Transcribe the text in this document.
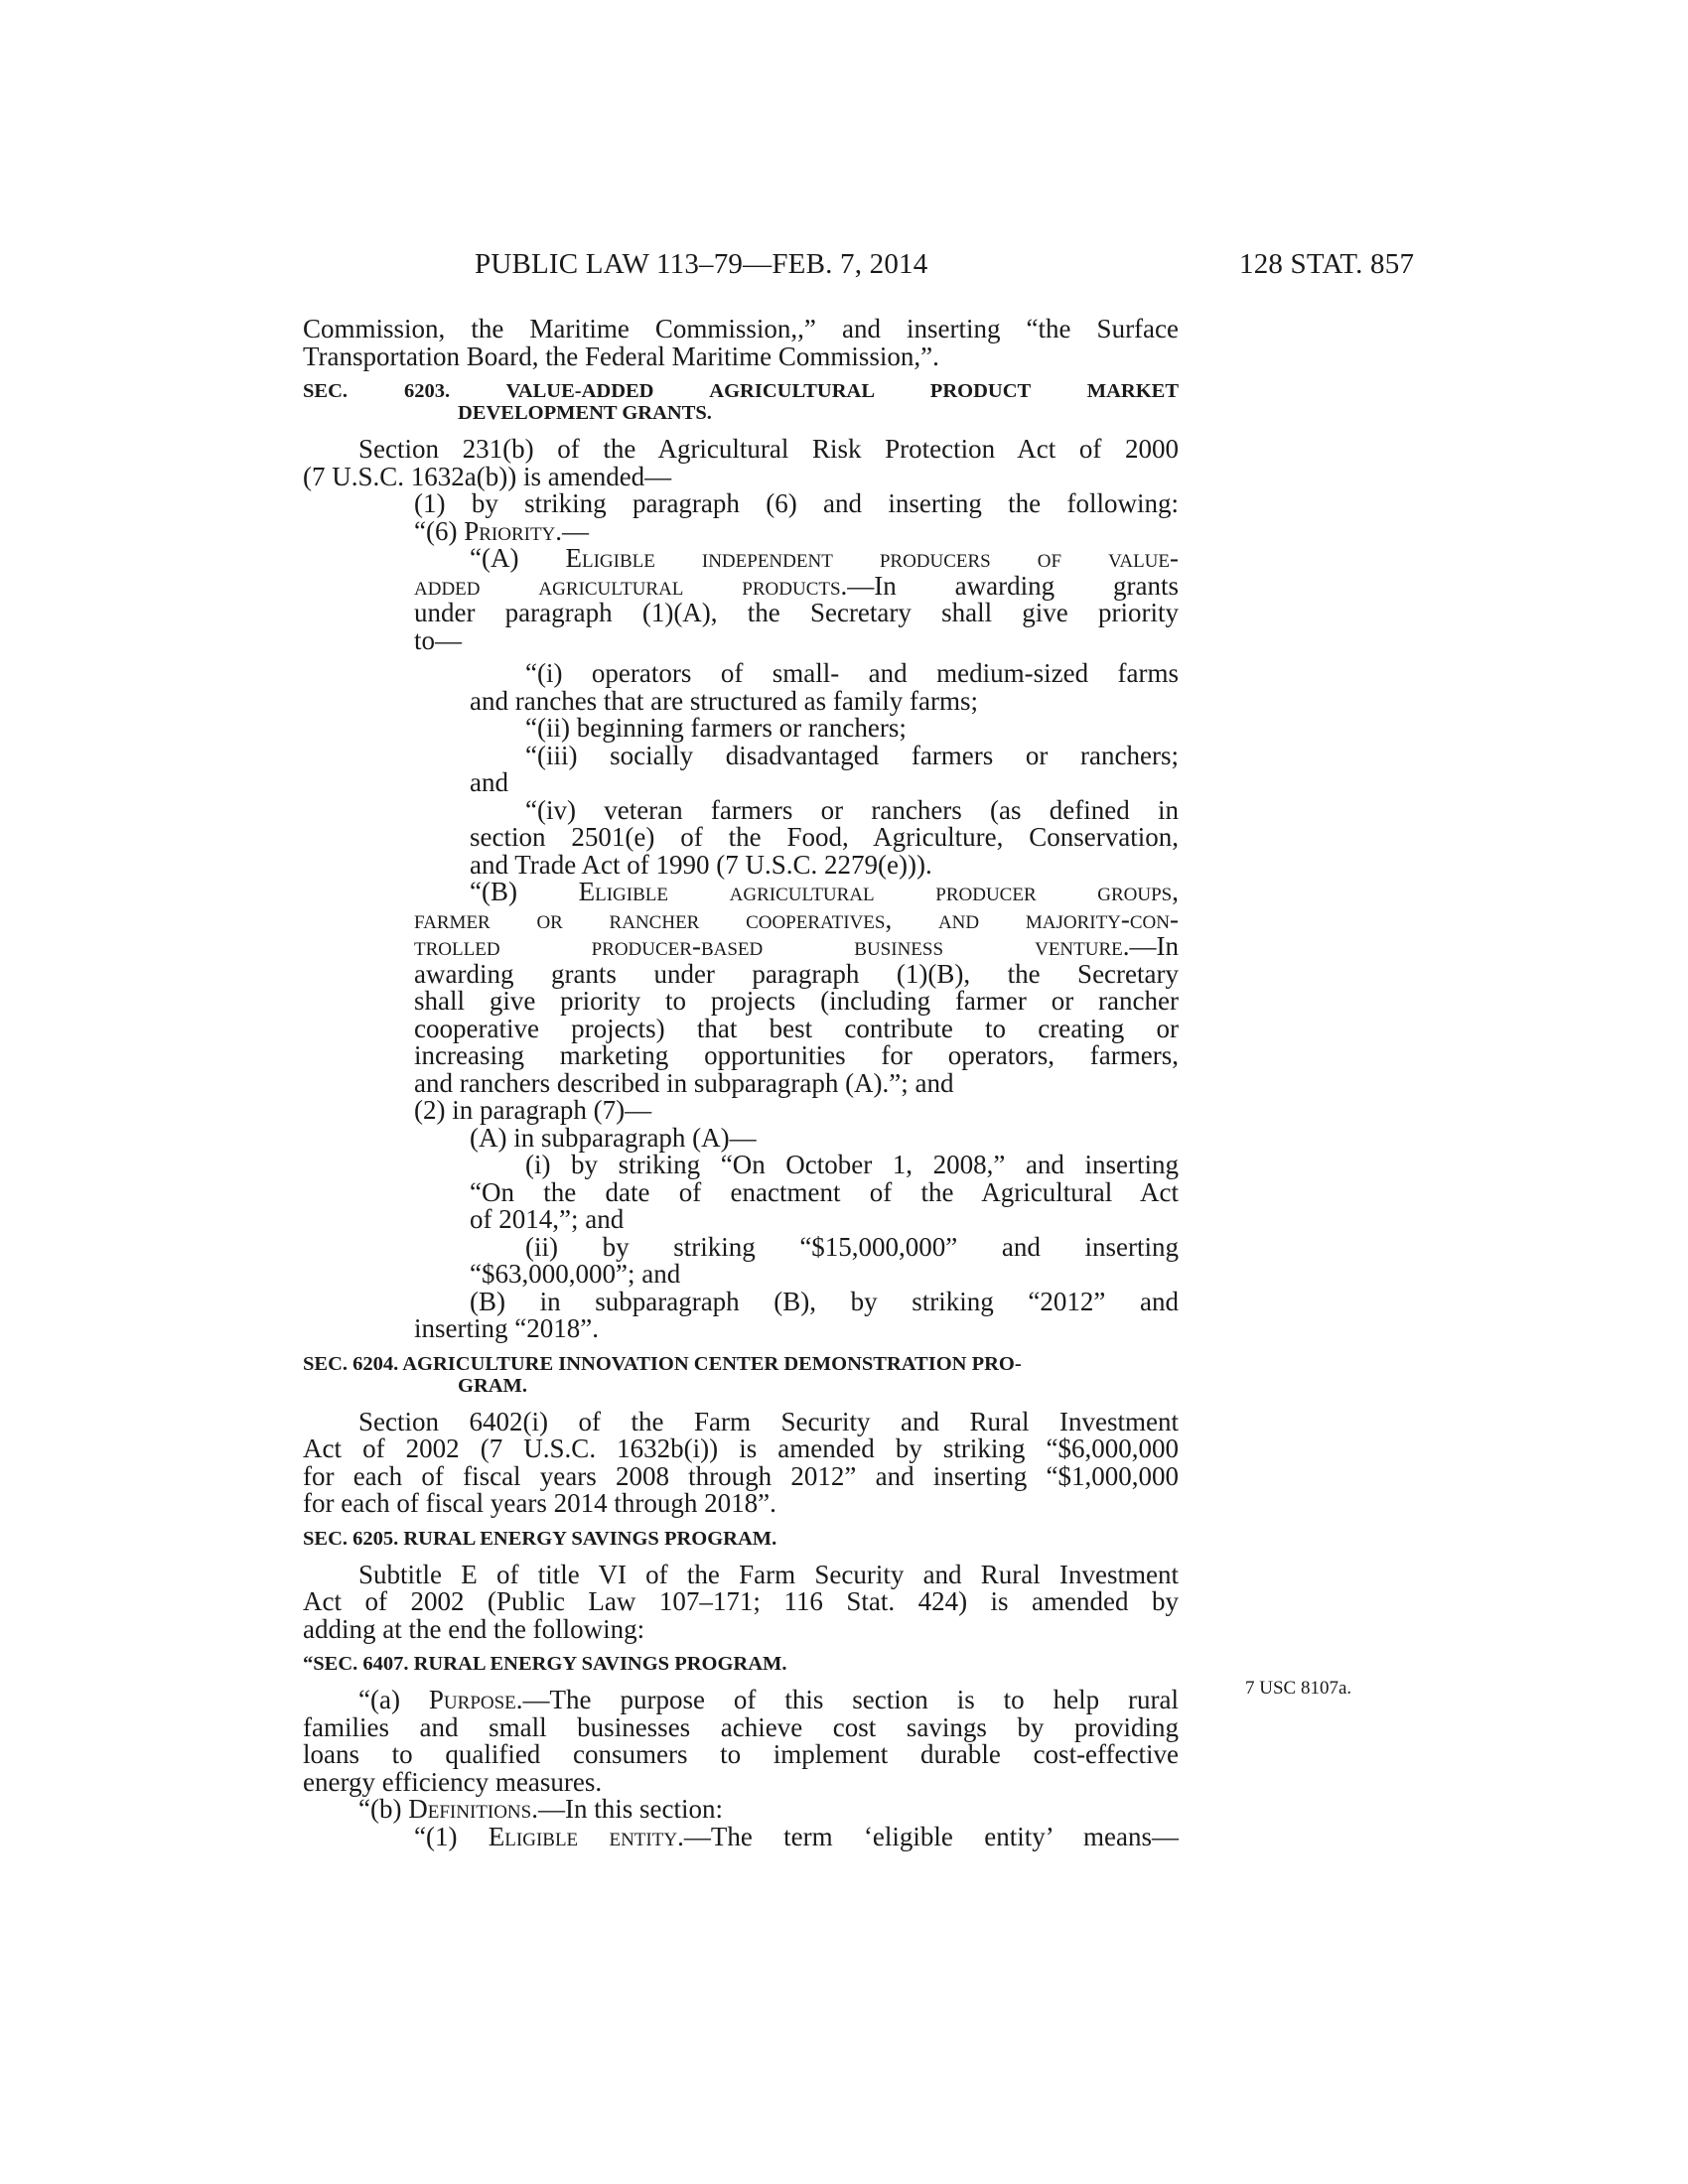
PUBLIC LAW 113–79—FEB. 7, 2014	128 STAT. 857

Commission, the Maritime Commission,,” and inserting “the Surface

Transportation Board, the Federal Maritime Commission,”.

SEC. 6203. VALUE-ADDED AGRICULTURAL PRODUCT MARKET
DEVELOPMENT GRANTS.

Section 231(b) of the Agricultural Risk Protection Act of 2000

(7 U.S.C. 1632a(b)) is amended—

(1) by striking paragraph (6) and inserting the following:

“(6) Priority.—

“(A) Eligible independent producers of value-

added agricultural products.—In awarding grants

under paragraph (1)(A), the Secretary shall give priority

to—

“(i) operators of small- and medium-sized farms

and ranches that are structured as family farms;

“(ii) beginning farmers or ranchers;

“(iii) socially disadvantaged farmers or ranchers;

and

“(iv) veteran farmers or ranchers (as defined in

section 2501(e) of the Food, Agriculture, Conservation,

and Trade Act of 1990 (7 U.S.C. 2279(e))).

“(B) Eligible agricultural producer groups,

farmer or rancher cooperatives, and majority-con-

trolled producer-based business venture.—In

awarding grants under paragraph (1)(B), the Secretary

shall give priority to projects (including farmer or rancher

cooperative projects) that best contribute to creating or

increasing marketing opportunities for operators, farmers,

and ranchers described in subparagraph (A).”; and

(2) in paragraph (7)—

(A) in subparagraph (A)—

(i) by striking “On October 1, 2008,” and inserting

“On the date of enactment of the Agricultural Act

of 2014,”; and

(ii) by striking “$15,000,000” and inserting

“$63,000,000”; and

(B) in subparagraph (B), by striking “2012” and

inserting “2018”.

SEC. 6204. AGRICULTURE INNOVATION CENTER DEMONSTRATION PRO-
GRAM.

Section 6402(i) of the Farm Security and Rural Investment

Act of 2002 (7 U.S.C. 1632b(i)) is amended by striking “$6,000,000

for each of fiscal years 2008 through 2012” and inserting “$1,000,000

for each of fiscal years 2014 through 2018”.

SEC. 6205. RURAL ENERGY SAVINGS PROGRAM.

Subtitle E of title VI of the Farm Security and Rural Investment

Act of 2002 (Public Law 107–171; 116 Stat. 424) is amended by

adding at the end the following:

“SEC. 6407. RURAL ENERGY SAVINGS PROGRAM.

“(a) Purpose.—The purpose of this section is to help rural

families and small businesses achieve cost savings by providing

loans to qualified consumers to implement durable cost-effective

energy efficiency measures.

“(b) Definitions.—In this section:

“(1) Eligible entity.—The term ‘eligible entity’ means—

7 USC 8107a.
